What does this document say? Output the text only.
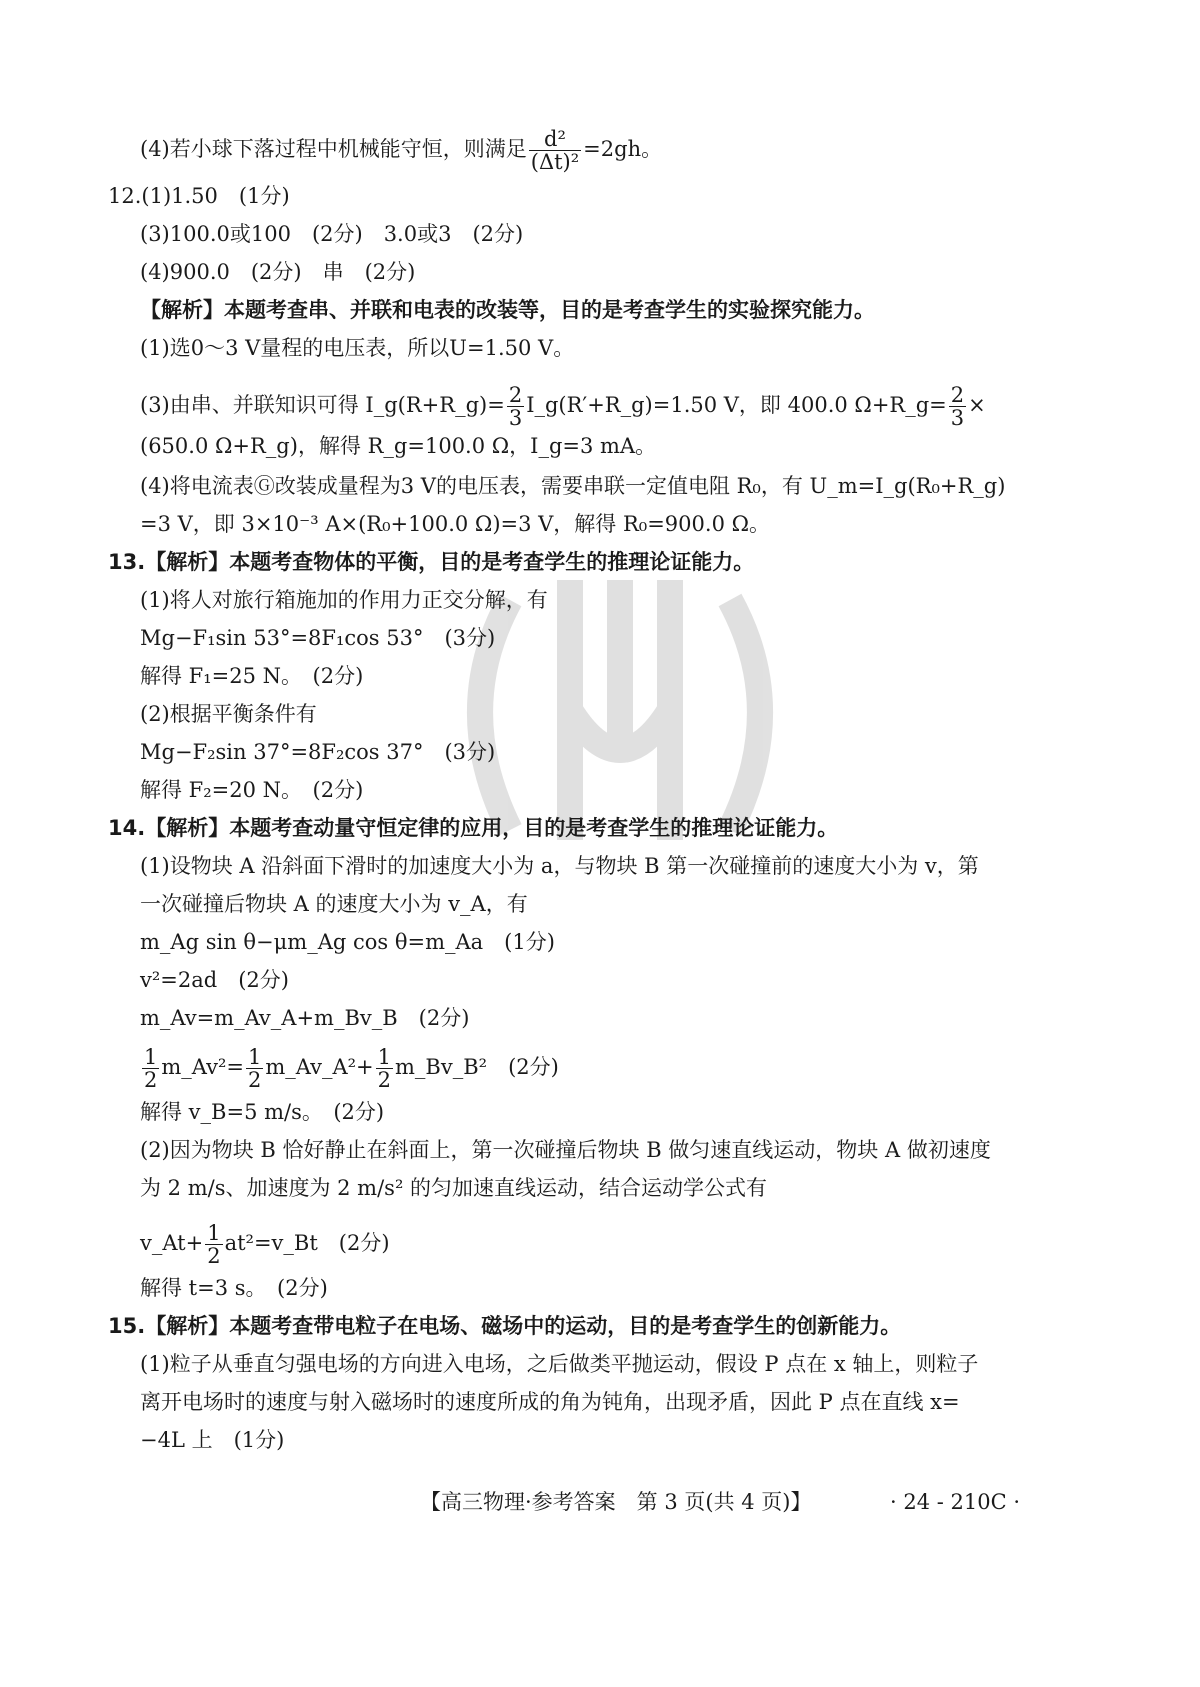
(4)若小球下落过程中机械能守恒，则满足 $\frac{\text{d²}}{\text{(Δt)²}} =2gh$。
12.(1)1.50　(1分)
(3)100.0或100　(2分)　3.0或3　(2分)
(4)900.0　(2分)　串　(2分)
【解析】本题考查串、并联和电表的改装等，目的是考查学生的实验探究能力。
(1)选0～3 V量程的电压表，所以U=1.50 V。
(3)由串、并联知识可得 I_g(R+R_g)= $\frac{2}{3}$ I_g(R′+R_g)=1.50 V，即 400.0 Ω+R_g= $\frac{2}{3}$ ×
(650.0 Ω+R_g)，解得 R_g=100.0 Ω，I_g=3 mA。
(4)将电流表Ⓖ改装成量程为3 V的电压表，需要串联一定值电阻 R₀，有 U_m=I_g(R₀+R_g)
=3 V，即 3×10⁻³ A×(R₀+100.0 Ω)=3 V，解得 R₀=900.0 Ω。
13.【解析】本题考查物体的平衡，目的是考查学生的推理论证能力。
(1)将人对旅行箱施加的作用力正交分解，有
Mg−F₁sin 53°=8F₁cos 53°　(3分)
解得 F₁=25 N。　(2分)
(2)根据平衡条件有
Mg−F₂sin 37°=8F₂cos 37°　(3分)
解得 F₂=20 N。　(2分)
14.【解析】本题考查动量守恒定律的应用，目的是考查学生的推理论证能力。
(1)设物块 A 沿斜面下滑时的加速度大小为 a，与物块 B 第一次碰撞前的速度大小为 v，第
一次碰撞后物块 A 的速度大小为 v_A，有
m_Ag sin θ−μm_Ag cos θ=m_Aa　(1分)
v²=2ad　(2分)
m_Av=m_Av_A+m_Bv_B　(2分)
$\frac{1}{2}$ m_Av²= $\frac{1}{2}$ m_Av_A²+ $\frac{1}{2}$ m_Bv_B²　(2分)
解得 v_B=5 m/s。　(2分)
(2)因为物块 B 恰好静止在斜面上，第一次碰撞后物块 B 做匀速直线运动，物块 A 做初速度
为 2 m/s、加速度为 2 m/s² 的匀加速直线运动，结合运动学公式有
v_At+ $\frac{1}{2}$ at²=v_Bt　(2分)
解得 t=3 s。　(2分)
15.【解析】本题考查带电粒子在电场、磁场中的运动，目的是考查学生的创新能力。
(1)粒子从垂直匀强电场的方向进入电场，之后做类平抛运动，假设 P 点在 x 轴上，则粒子
离开电场时的速度与射入磁场时的速度所成的角为钝角，出现矛盾，因此 P 点在直线 x=
−4L 上　(1分)
【高三物理·参考答案　第 3 页(共 4 页)】	· 24 - 210C ·
